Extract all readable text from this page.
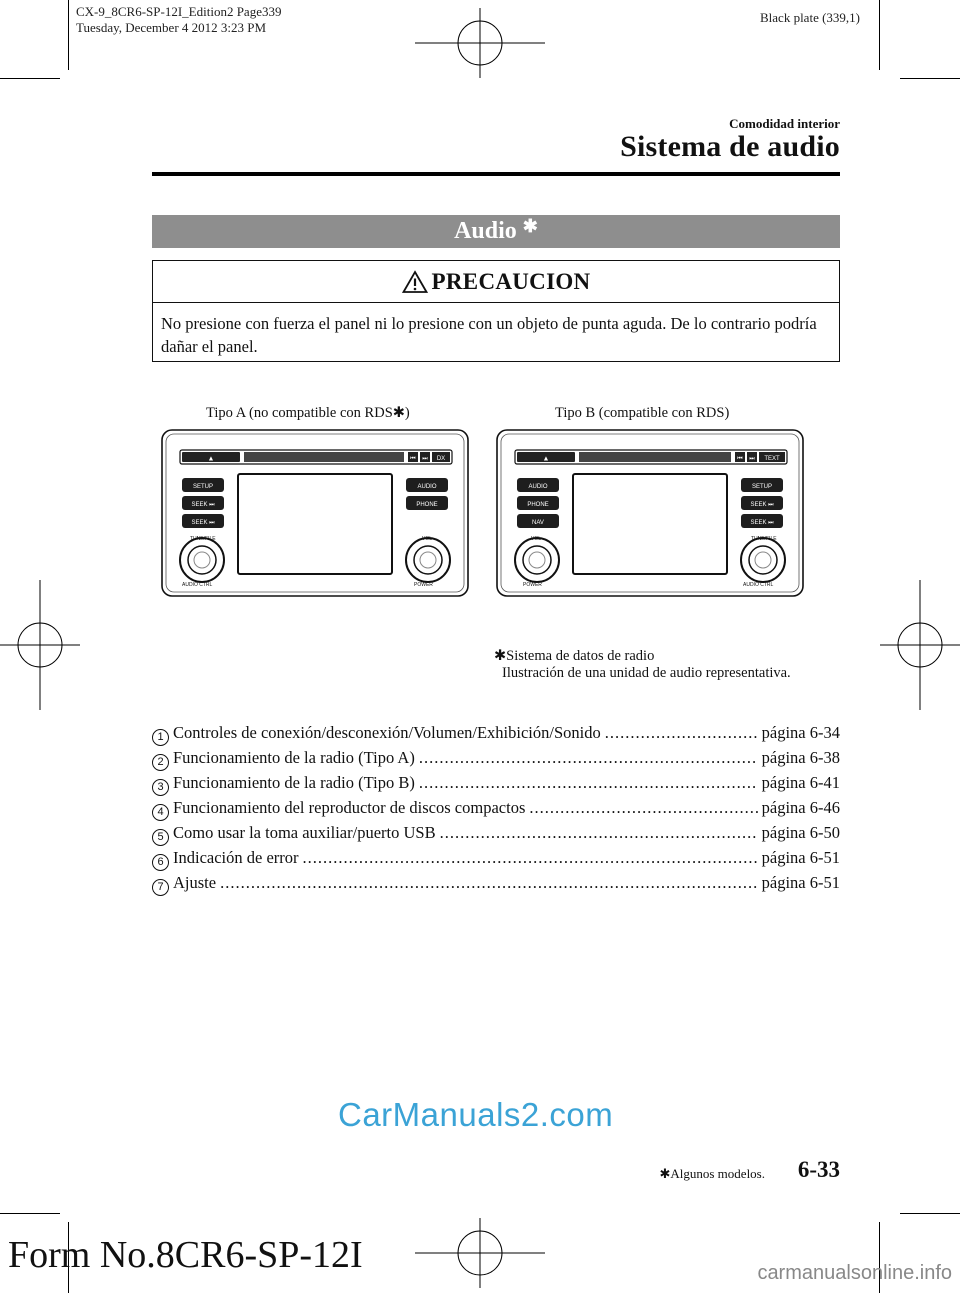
CX-9_8CR6-SP-12I_Edition2 Page339
Tuesday, December 4 2012 3:23 PM
Black plate (339,1)
Comodidad interior
Sistema de audio
Audio ✱
PRECAUCION
No presione con fuerza el panel ni lo presione con un objeto de punta aguda. De lo contrario podría dañar el panel.
Tipo A (no compatible con RDS✱)	Tipo B (compatible con RDS)
▲	⏮ ⏭ DX
SETUP
SEEK ⏭
SEEK ⏭
AUDIO
PHONE
TUNE/FILE
AUDIO CTRL
VOL
POWER
▲	⏮ ⏭ TEXT
AUDIO
PHONE
NAV
SETUP
SEEK ⏭
SEEK ⏭
VOL
POWER
TUNE/FILE
AUDIO CTRL
✱Sistema de datos de radio
Ilustración de una unidad de audio representativa.
1 Controles de conexión/desconexión/Volumen/Exhibición/Sonido .....	página 6-34
2 Funcionamiento de la radio (Tipo A) .....	página 6-38
3 Funcionamiento de la radio (Tipo B) .....	página 6-41
4 Funcionamiento del reproductor de discos compactos .....	página 6-46
5 Como usar la toma auxiliar/puerto USB .....	página 6-50
6 Indicación de error .....	página 6-51
7 Ajuste .....	página 6-51
CarManuals2.com
✱Algunos modelos. 6-33
Form No.8CR6-SP-12I	carmanualsonline.info
